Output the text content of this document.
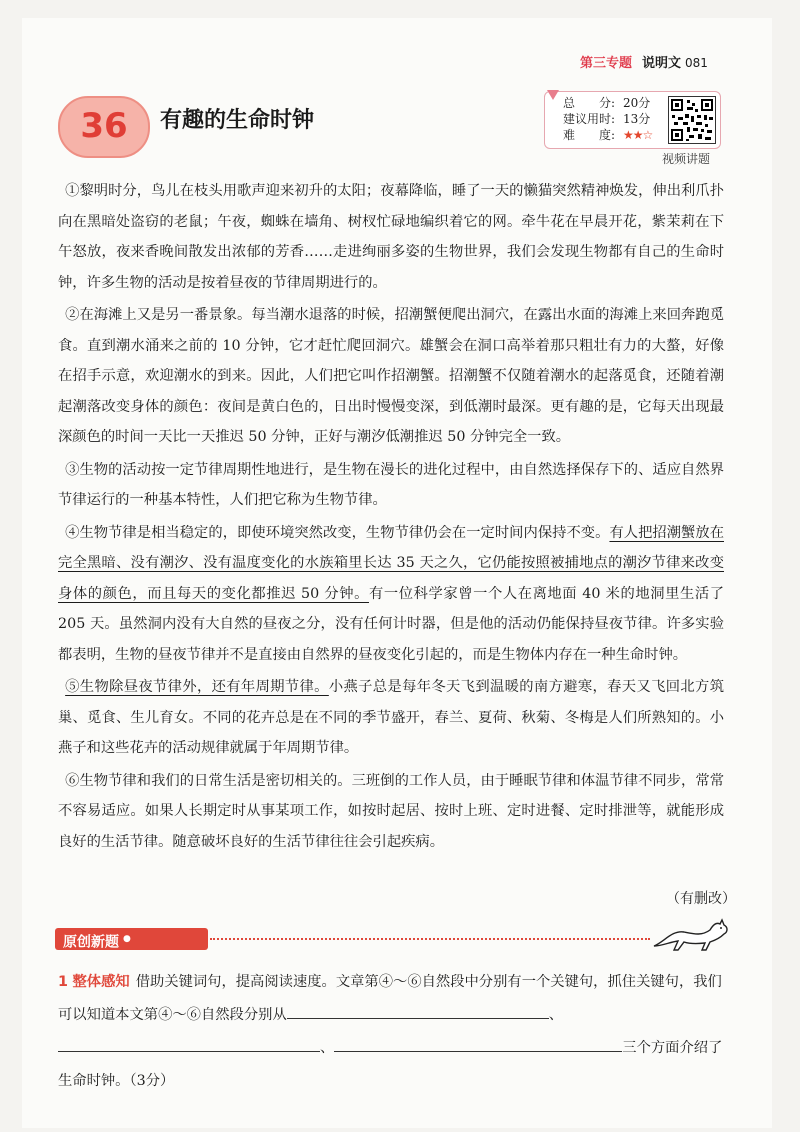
第三专题 说明文 081
36	有趣的生命时钟
总　　分: 20分
建议用时: 13分
难　　度: ★★☆
视频讲题

①黎明时分，鸟儿在枝头用歌声迎来初升的太阳；夜幕降临，睡了一天的懒猫突然精神焕发，伸出利爪扑向在黑暗处盗窃的老鼠；午夜，蜘蛛在墙角、树杈忙碌地编织着它的网。牵牛花在早晨开花，紫茉莉在下午怒放，夜来香晚间散发出浓郁的芳香……走进绚丽多姿的生物世界，我们会发现生物都有自己的生命时钟，许多生物的活动是按着昼夜的节律周期进行的。

②在海滩上又是另一番景象。每当潮水退落的时候，招潮蟹便爬出洞穴，在露出水面的海滩上来回奔跑觅食。直到潮水涌来之前的 10 分钟，它才赶忙爬回洞穴。雄蟹会在洞口高举着那只粗壮有力的大螯，好像在招手示意，欢迎潮水的到来。因此，人们把它叫作招潮蟹。招潮蟹不仅随着潮水的起落觅食，还随着潮起潮落改变身体的颜色：夜间是黄白色的，日出时慢慢变深，到低潮时最深。更有趣的是，它每天出现最深颜色的时间一天比一天推迟 50 分钟，正好与潮汐低潮推迟 50 分钟完全一致。

③生物的活动按一定节律周期性地进行，是生物在漫长的进化过程中，由自然选择保存下的、适应自然界节律运行的一种基本特性，人们把它称为生物节律。

④生物节律是相当稳定的，即使环境突然改变，生物节律仍会在一定时间内保持不变。有人把招潮蟹放在完全黑暗、没有潮汐、没有温度变化的水族箱里长达 35 天之久，它仍能按照被捕地点的潮汐节律来改变身体的颜色，而且每天的变化都推迟 50 分钟。有一位科学家曾一个人在离地面 40 米的地洞里生活了 205 天。虽然洞内没有大自然的昼夜之分，没有任何计时器，但是他的活动仍能保持昼夜节律。许多实验都表明，生物的昼夜节律并不是直接由自然界的昼夜变化引起的，而是生物体内存在一种生命时钟。

⑤生物除昼夜节律外，还有年周期节律。小燕子总是每年冬天飞到温暖的南方避寒，春天又飞回北方筑巢、觅食、生儿育女。不同的花卉总是在不同的季节盛开，春兰、夏荷、秋菊、冬梅是人们所熟知的。小燕子和这些花卉的活动规律就属于年周期节律。

⑥生物节律和我们的日常生活是密切相关的。三班倒的工作人员，由于睡眠节律和体温节律不同步，常常不容易适应。如果人长期定时从事某项工作，如按时起居、按时上班、定时进餐、定时排泄等，就能形成良好的生活节律。随意破坏良好的生活节律往往会引起疾病。

（有删改）
原创新题 ●
1 整体感知 借助关键词句，提高阅读速度。文章第④～⑥自然段中分别有一个关键句，抓住关键句，我们可以知道本文第④～⑥自然段分别从	、、	三个方面介绍了生命时钟。（3分）
